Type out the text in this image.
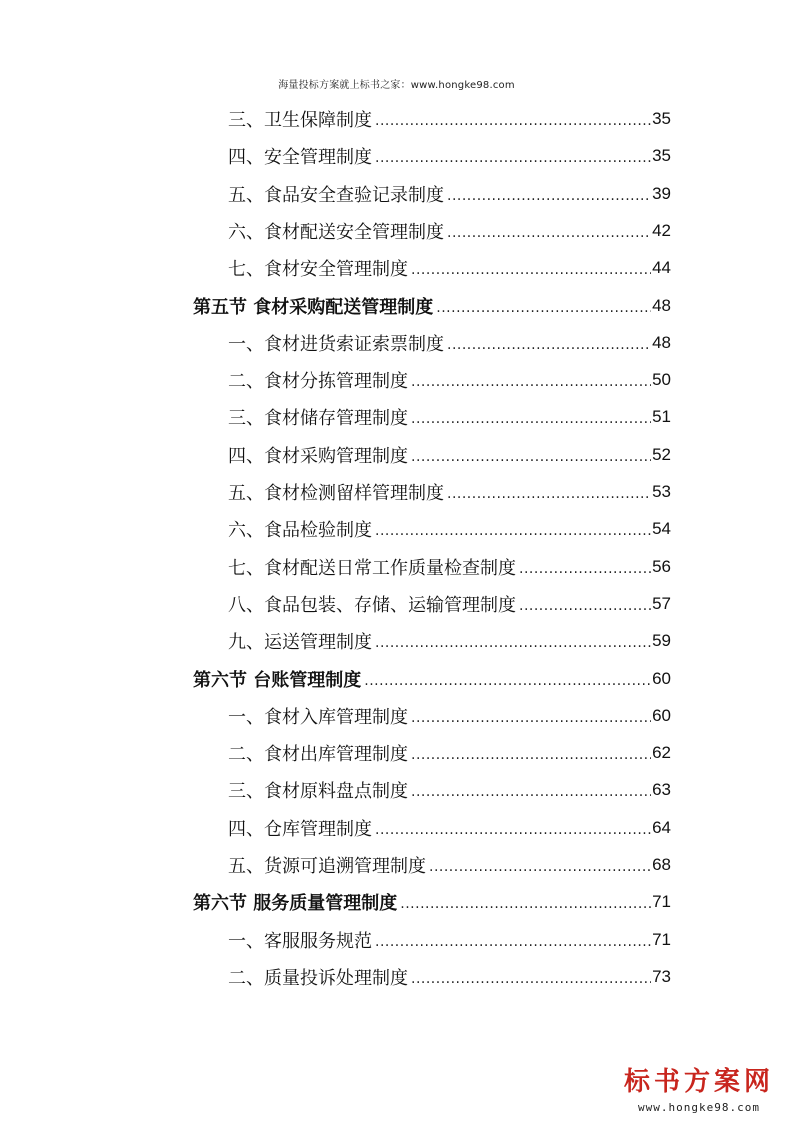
海量投标方案就上标书之家：www.hongke98.com
三、卫生保障制度 .....	35
四、安全管理制度 .....	35
五、食品安全查验记录制度 .....	39
六、食材配送安全管理制度 .....	42
七、食材安全管理制度 .....	44
第五节 食材采购配送管理制度 .....	48
一、食材进货索证索票制度 .....	48
二、食材分拣管理制度 .....	50
三、食材储存管理制度 .....	51
四、食材采购管理制度 .....	52
五、食材检测留样管理制度 .....	53
六、食品检验制度 .....	54
七、食材配送日常工作质量检查制度 .....	56
八、食品包装、存储、运输管理制度 .....	57
九、运送管理制度 .....	59
第六节 台账管理制度 .....	60
一、食材入库管理制度 .....	60
二、食材出库管理制度 .....	62
三、食材原料盘点制度 .....	63
四、仓库管理制度 .....	64
五、货源可追溯管理制度 .....	68
第六节 服务质量管理制度 .....	71
一、客服服务规范 .....	71
二、质量投诉处理制度 .....	73
标书方案网
www.hongke98.com
